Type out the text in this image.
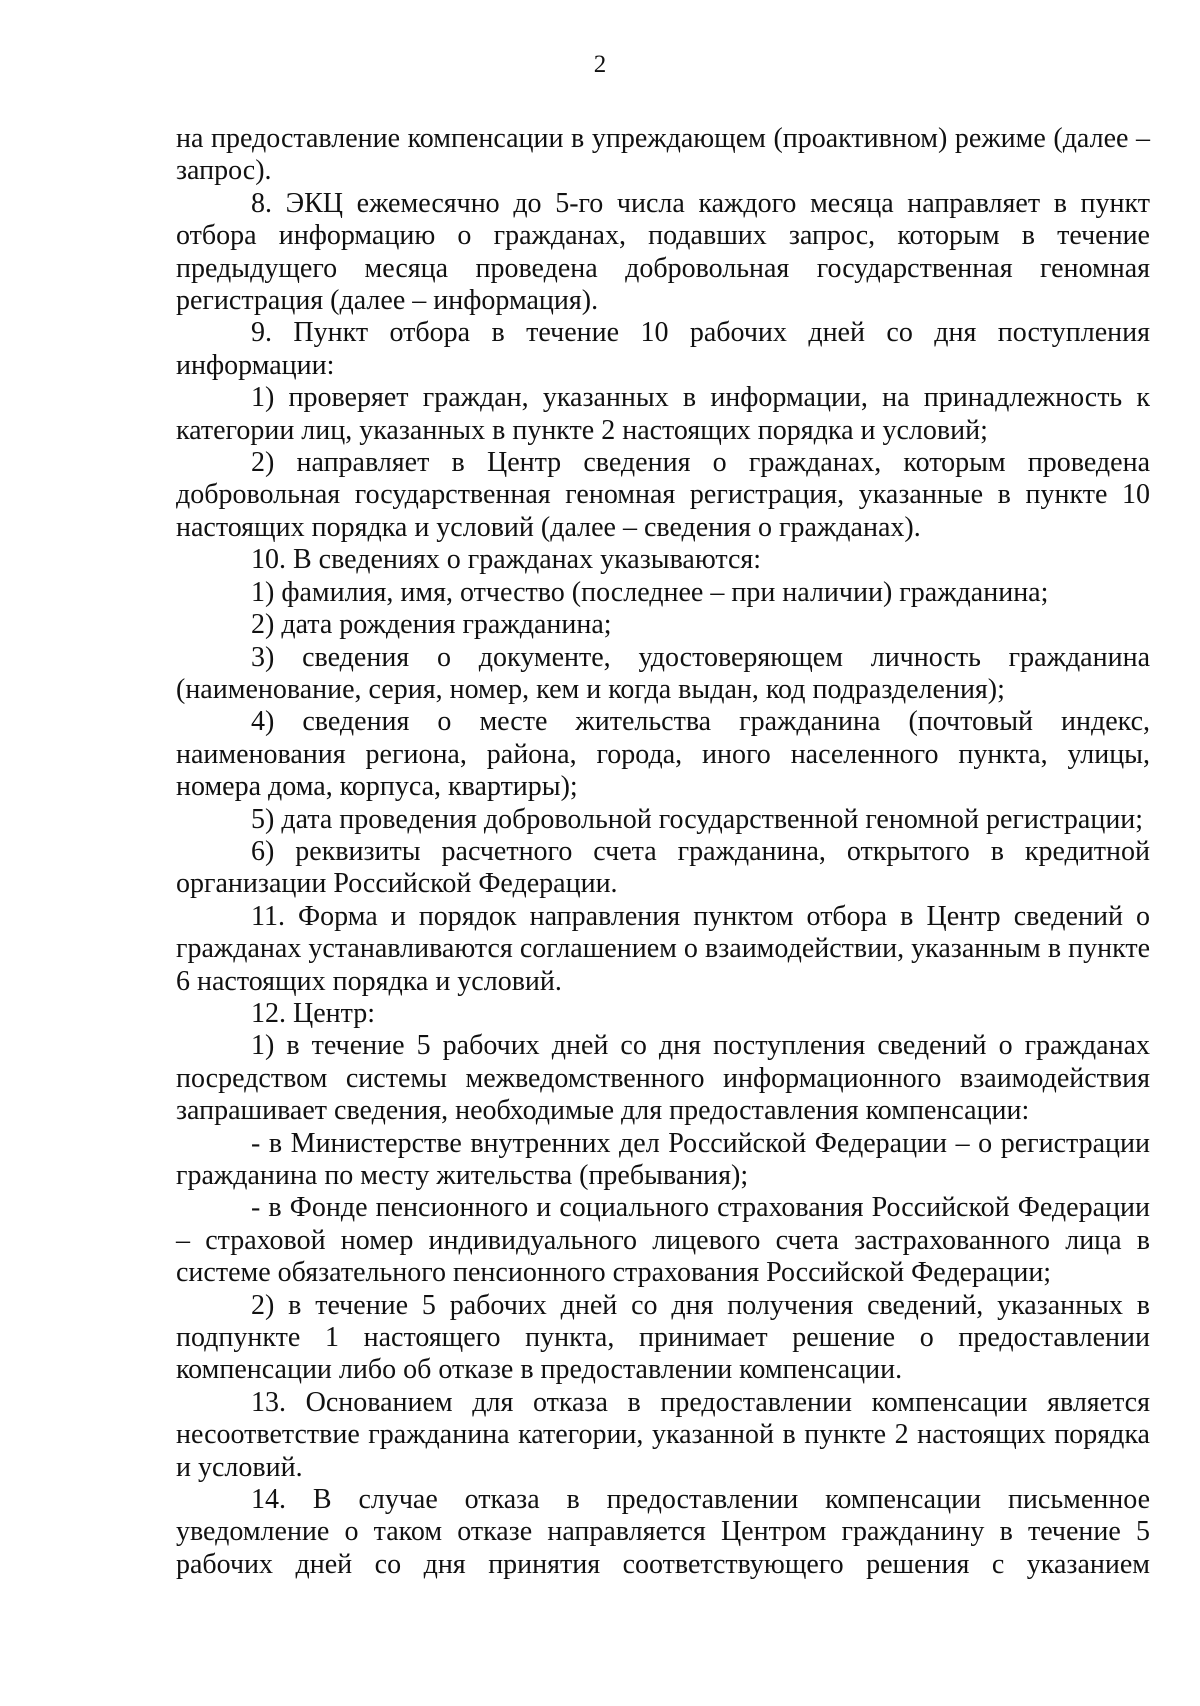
2

на предоставление компенсации в упреждающем (проактивном) режиме (далее – запрос).

8. ЭКЦ ежемесячно до 5-го числа каждого месяца направляет в пункт отбора информацию о гражданах, подавших запрос, которым в течение предыдущего месяца проведена добровольная государственная геномная регистрация (далее – информация).

9. Пункт отбора в течение 10 рабочих дней со дня поступления информации:

1) проверяет граждан, указанных в информации, на принадлежность к категории лиц, указанных в пункте 2 настоящих порядка и условий;

2) направляет в Центр сведения о гражданах, которым проведена добровольная государственная геномная регистрация, указанные в пункте 10 настоящих порядка и условий (далее – сведения о гражданах).

10. В сведениях о гражданах указываются:

1) фамилия, имя, отчество (последнее – при наличии) гражданина;

2) дата рождения гражданина;

3) сведения о документе, удостоверяющем личность гражданина (наименование, серия, номер, кем и когда выдан, код подразделения);

4) сведения о месте жительства гражданина (почтовый индекс, наименования региона, района, города, иного населенного пункта, улицы, номера дома, корпуса, квартиры);

5) дата проведения добровольной государственной геномной регистрации;

6) реквизиты расчетного счета гражданина, открытого в кредитной организации Российской Федерации.

11. Форма и порядок направления пунктом отбора в Центр сведений о гражданах устанавливаются соглашением о взаимодействии, указанным в пункте 6 настоящих порядка и условий.

12. Центр:

1) в течение 5 рабочих дней со дня поступления сведений о гражданах посредством системы межведомственного информационного взаимодействия запрашивает сведения, необходимые для предоставления компенсации:

- в Министерстве внутренних дел Российской Федерации – о регистрации гражданина по месту жительства (пребывания);

- в Фонде пенсионного и социального страхования Российской Федерации – страховой номер индивидуального лицевого счета застрахованного лица в системе обязательного пенсионного страхования Российской Федерации;

2) в течение 5 рабочих дней со дня получения сведений, указанных в подпункте 1 настоящего пункта, принимает решение о предоставлении компенсации либо об отказе в предоставлении компенсации.

13. Основанием для отказа в предоставлении компенсации является несоответствие гражданина категории, указанной в пункте 2 настоящих порядка и условий.

14. В случае отказа в предоставлении компенсации письменное уведомление о таком отказе направляется Центром гражданину в течение 5 рабочих дней со дня принятия соответствующего решения с указанием
